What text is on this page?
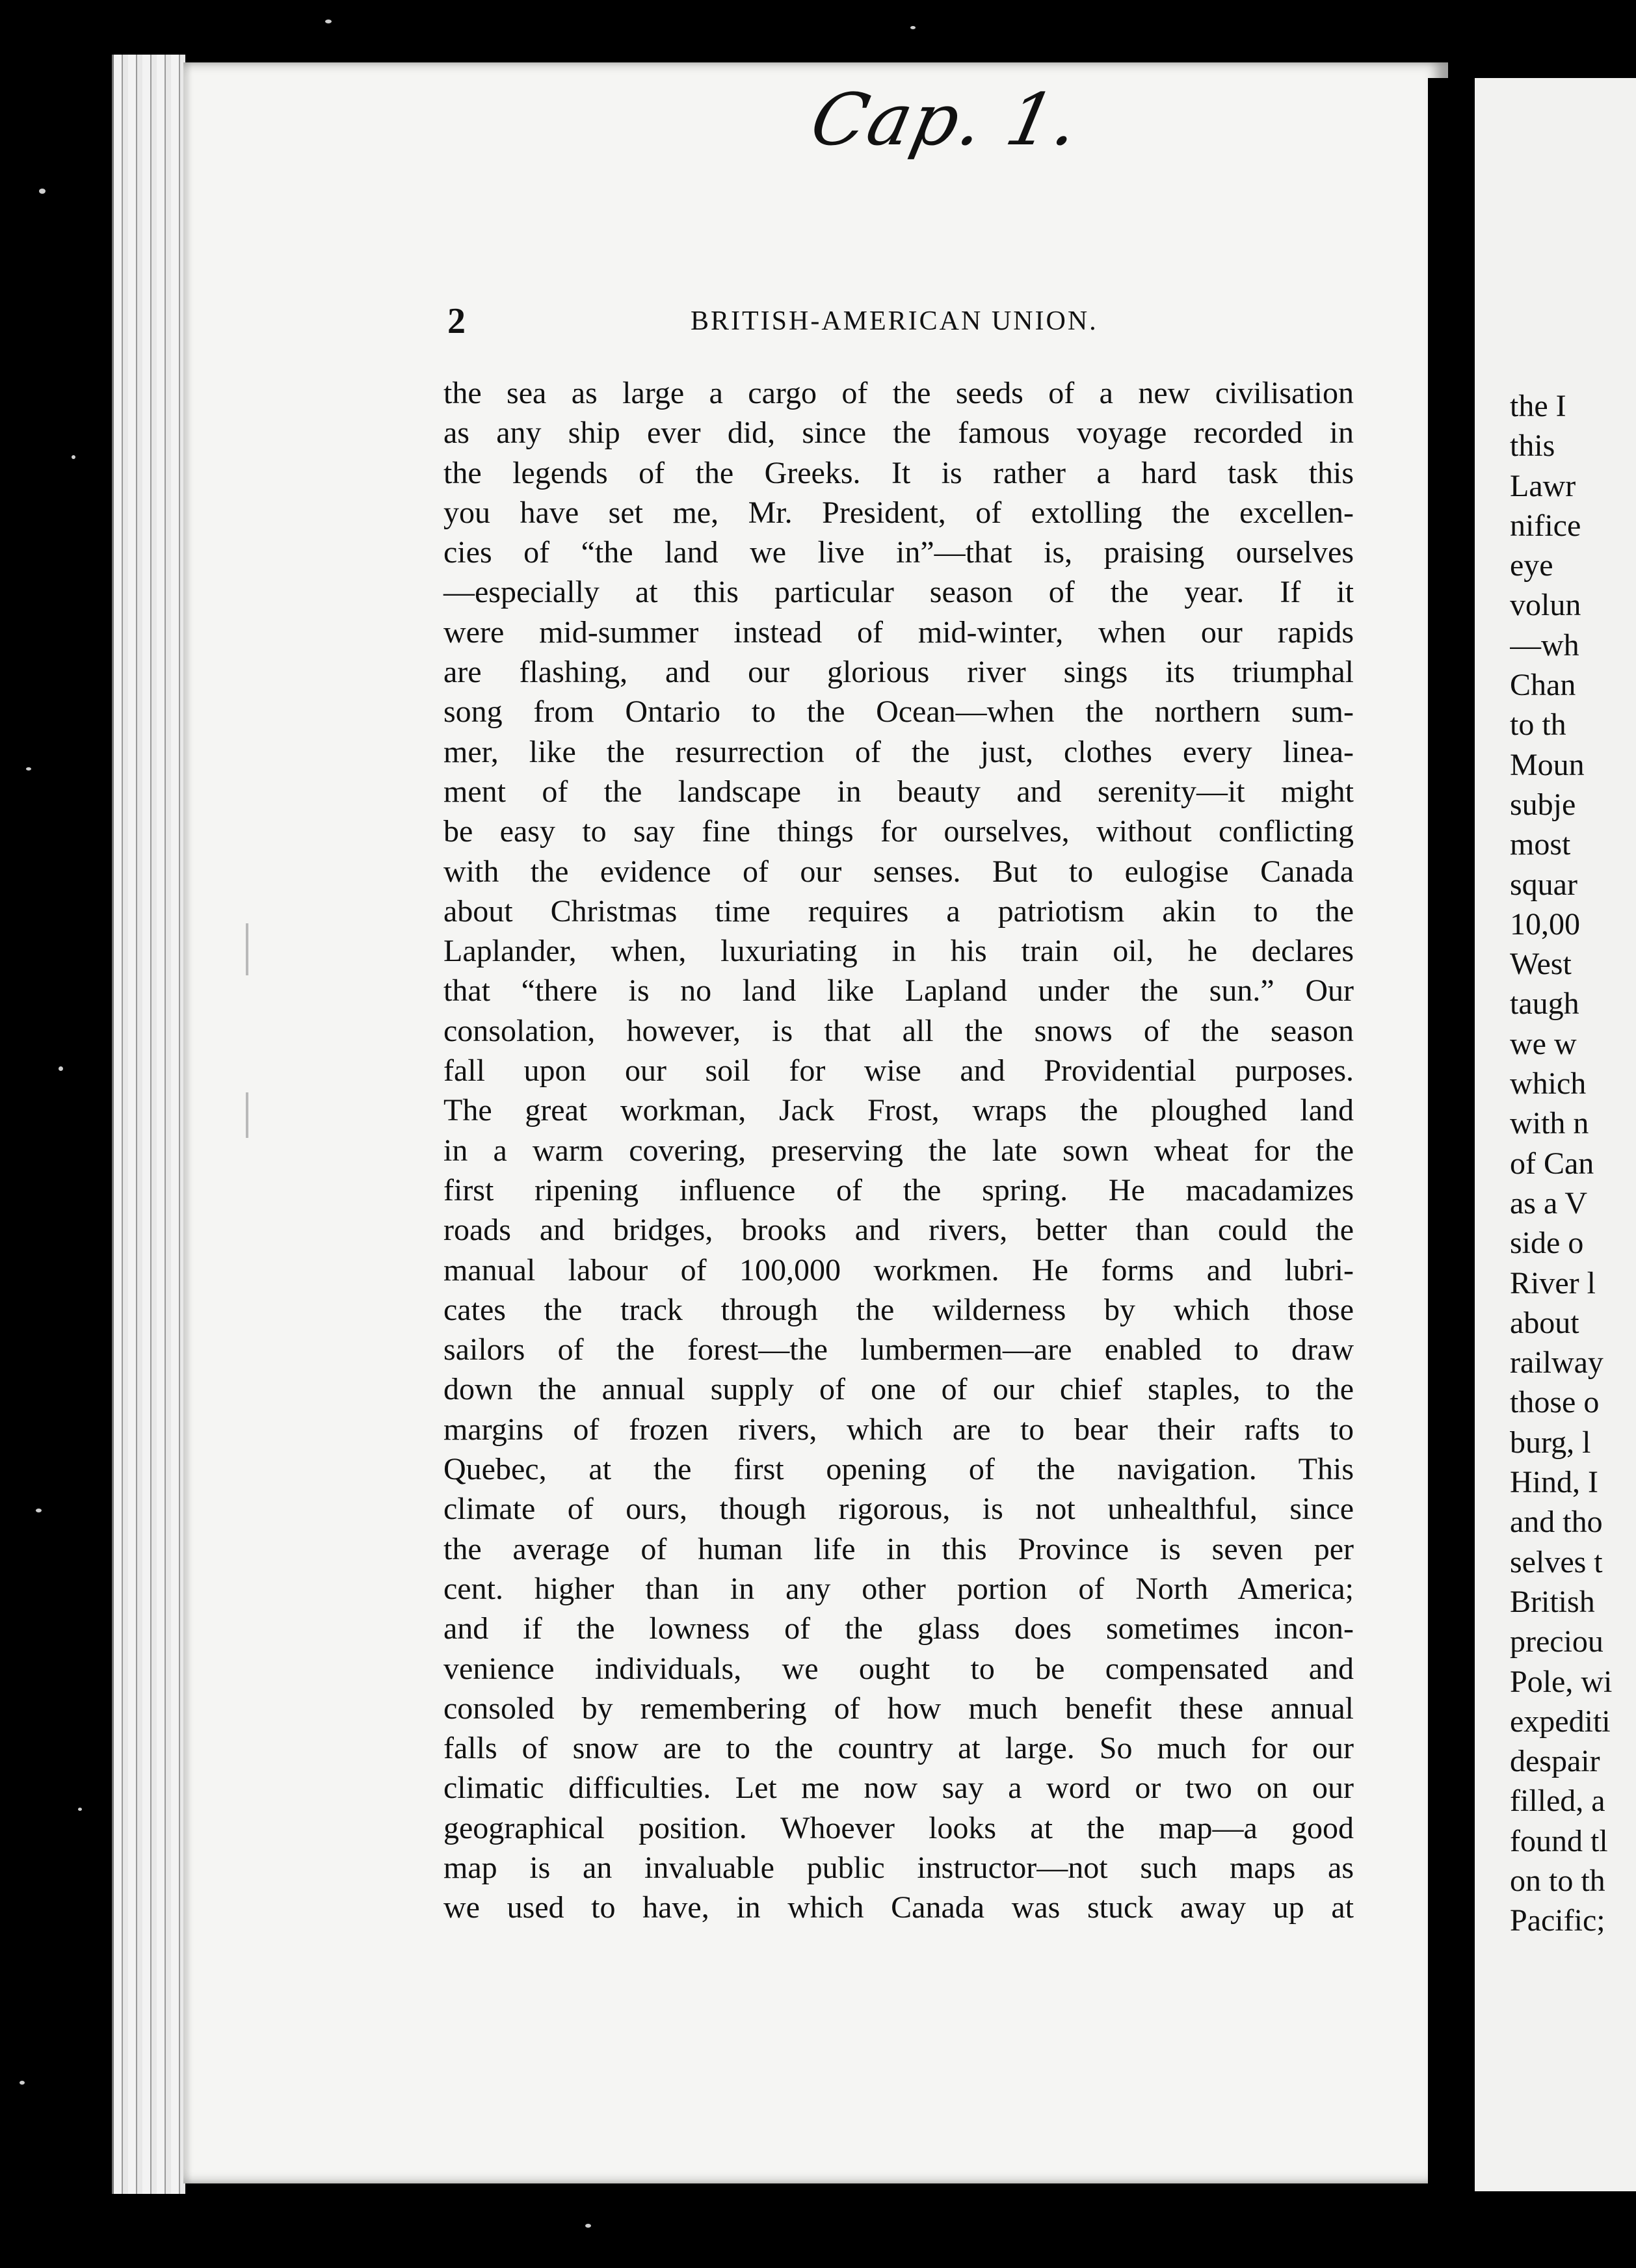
Cap. 1.
2	BRITISH-AMERICAN UNION.
the sea as large a cargo of the seeds of a new civilisation
as any ship ever did, since the famous voyage recorded in
the legends of the Greeks. It is rather a hard task this
you have set me, Mr. President, of extolling the excellen-
cies of “the land we live in”—that is, praising ourselves
—especially at this particular season of the year. If it
were mid-summer instead of mid-winter, when our rapids
are flashing, and our glorious river sings its triumphal
song from Ontario to the Ocean—when the northern sum-
mer, like the resurrection of the just, clothes every linea-
ment of the landscape in beauty and serenity—it might
be easy to say fine things for ourselves, without conflicting
with the evidence of our senses. But to eulogise Canada
about Christmas time requires a patriotism akin to the
Laplander, when, luxuriating in his train oil, he declares
that “there is no land like Lapland under the sun.” Our
consolation, however, is that all the snows of the season
fall upon our soil for wise and Providential purposes.
The great workman, Jack Frost, wraps the ploughed land
in a warm covering, preserving the late sown wheat for the
first ripening influence of the spring. He macadamizes
roads and bridges, brooks and rivers, better than could the
manual labour of 100,000 workmen. He forms and lubri-
cates the track through the wilderness by which those
sailors of the forest—the lumbermen—are enabled to draw
down the annual supply of one of our chief staples, to the
margins of frozen rivers, which are to bear their rafts to
Quebec, at the first opening of the navigation. This
climate of ours, though rigorous, is not unhealthful, since
the average of human life in this Province is seven per
cent. higher than in any other portion of North America;
and if the lowness of the glass does sometimes incon-
venience individuals, we ought to be compensated and
consoled by remembering of how much benefit these annual
falls of snow are to the country at large. So much for our
climatic difficulties. Let me now say a word or two on our
geographical position. Whoever looks at the map—a good
map is an invaluable public instructor—not such maps as
we used to have, in which Canada was stuck away up at
the I
this
Lawr
nifice
eye
volun
—wh
Chan
to th
Moun
subje
most
squar
10,00
West
taugh
we w
which
with n
of Can
as a V
side o
River l
about
railway
those o
burg, l
Hind, I
and tho
selves t
British
preciou
Pole, wi
expediti
despair
filled, a
found tl
on to th
Pacific;
